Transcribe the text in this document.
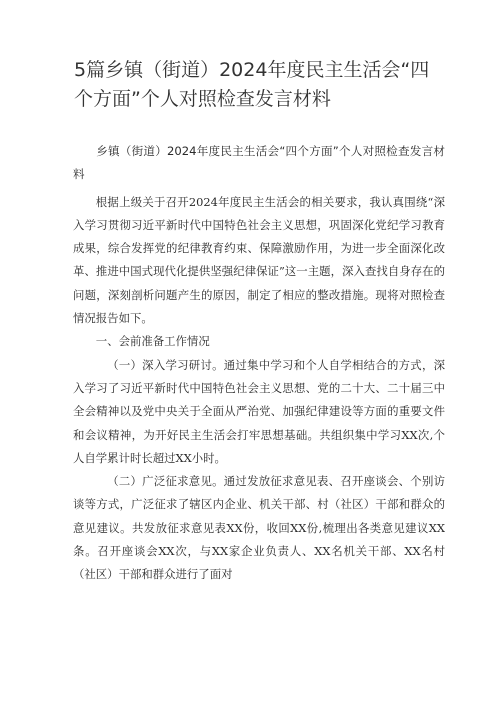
5篇乡镇（街道）2024年度民主生活会“四个方面”个人对照检查发言材料

乡镇（街道）2024年度民主生活会“四个方面”个人对照检查发言材料

根据上级关于召开2024年度民主生活会的相关要求，我认真围绕“深入学习贯彻习近平新时代中国特色社会主义思想，巩固深化党纪学习教育成果，综合发挥党的纪律教育约束、保障激励作用，为进一步全面深化改革、推进中国式现代化提供坚强纪律保证”这一主题，深入查找自身存在的问题，深刻剖析问题产生的原因，制定了相应的整改措施。现将对照检查情况报告如下。

一、会前准备工作情况

（一）深入学习研讨。通过集中学习和个人自学相结合的方式，深入学习了习近平新时代中国特色社会主义思想、党的二十大、二十届三中全会精神以及党中央关于全面从严治党、加强纪律建设等方面的重要文件和会议精神，为开好民主生活会打牢思想基础。共组织集中学习XX次,个人自学累计时长超过XX小时。

（二）广泛征求意见。通过发放征求意见表、召开座谈会、个别访谈等方式，广泛征求了辖区内企业、机关干部、村（社区）干部和群众的意见建议。共发放征求意见表XX份，收回XX份,梳理出各类意见建议XX条。召开座谈会XX次，与XX家企业负责人、XX名机关干部、XX名村（社区）干部和群众进行了面对
